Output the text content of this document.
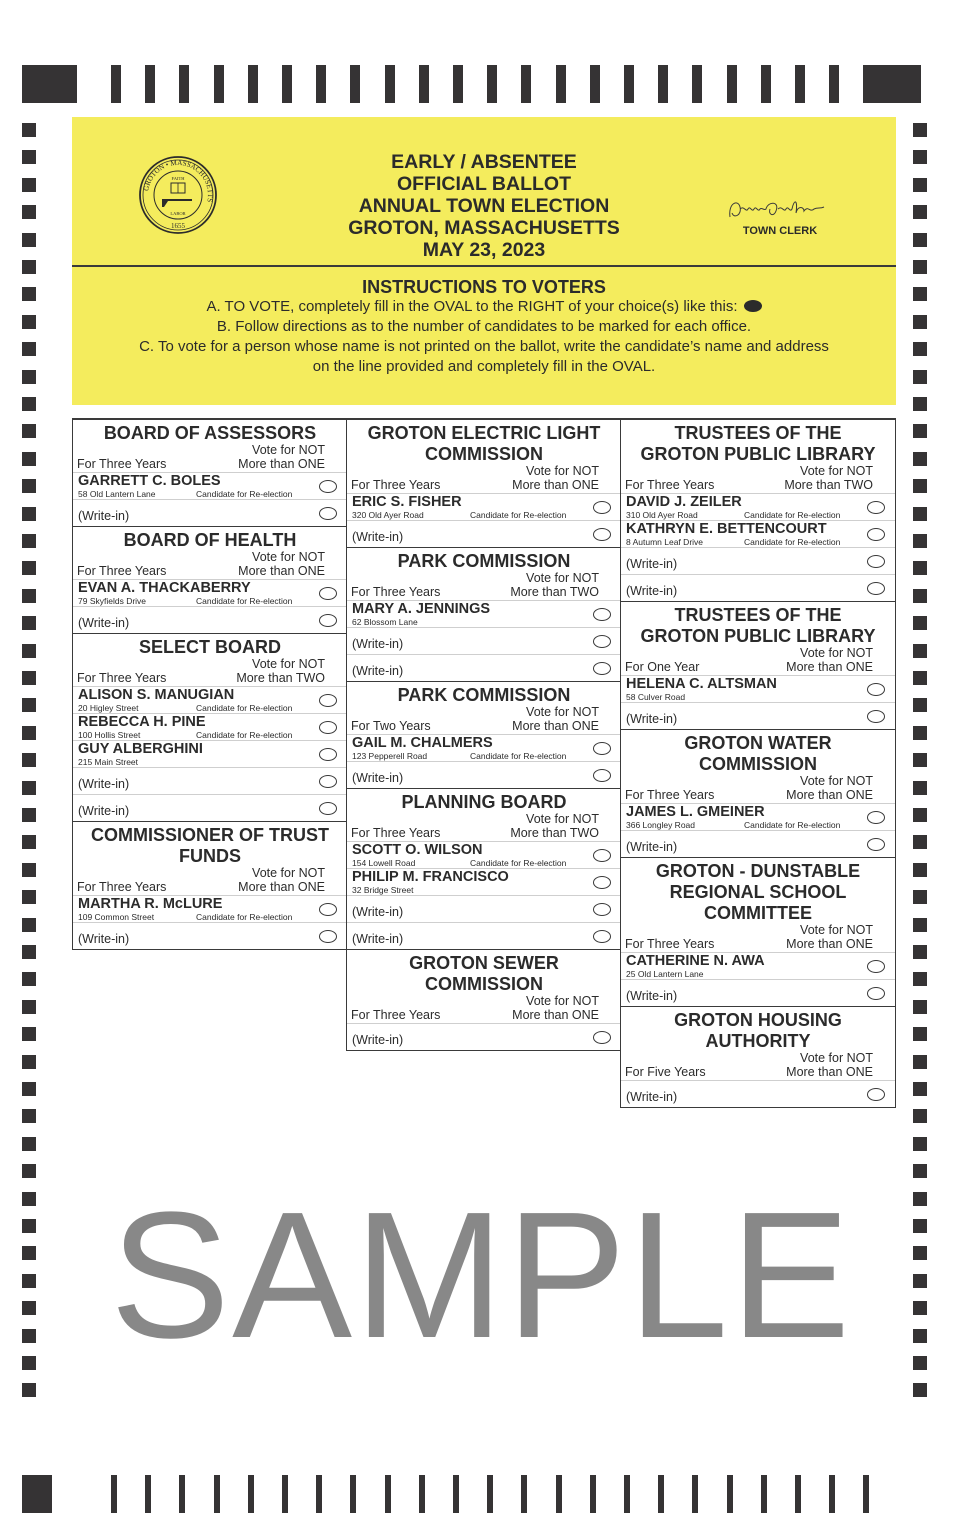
GROTON • MASSACHUSETTS
FAITH
LABOR
1655
EARLY / ABSENTEE
OFFICIAL BALLOT
ANNUAL TOWN ELECTION
GROTON, MASSACHUSETTS
MAY 23, 2023
TOWN CLERK
INSTRUCTIONS TO VOTERS
A. TO VOTE, completely fill in the OVAL to the RIGHT of your choice(s) like this:
B. Follow directions as to the number of candidates to be marked for each office.
C. To vote for a person whose name is not printed on the ballot, write the candidate’s name and address
on the line provided and completely fill in the OVAL.
BOARD OF ASSESSORS
For Three Years
Vote for NOT
More than ONE
GARRETT C. BOLES
58 Old Lantern Lane	Candidate for Re-election
(Write-in)
BOARD OF HEALTH
For Three Years
Vote for NOT
More than ONE
EVAN A. THACKABERRY
79 Skyfields Drive	Candidate for Re-election
(Write-in)
SELECT BOARD
For Three Years
Vote for NOT
More than TWO
ALISON S. MANUGIAN
20 Higley Street	Candidate for Re-election
REBECCA H. PINE
100 Hollis Street	Candidate for Re-election
GUY ALBERGHINI
215 Main Street
(Write-in)
(Write-in)
COMMISSIONER OF TRUST
FUNDS
For Three Years
Vote for NOT
More than ONE
MARTHA R. McLURE
109 Common Street	Candidate for Re-election
(Write-in)
GROTON ELECTRIC LIGHT
COMMISSION
For Three Years
Vote for NOT
More than ONE
ERIC S. FISHER
320 Old Ayer Road	Candidate for Re-election
(Write-in)
PARK COMMISSION
For Three Years
Vote for NOT
More than TWO
MARY A. JENNINGS
62 Blossom Lane
(Write-in)
(Write-in)
PARK COMMISSION
For Two Years
Vote for NOT
More than ONE
GAIL M. CHALMERS
123 Pepperell Road	Candidate for Re-election
(Write-in)
PLANNING BOARD
For Three Years
Vote for NOT
More than TWO
SCOTT O. WILSON
154 Lowell Road	Candidate for Re-election
PHILIP M. FRANCISCO
32 Bridge Street
(Write-in)
(Write-in)
GROTON SEWER
COMMISSION
For Three Years
Vote for NOT
More than ONE
(Write-in)
TRUSTEES OF THE
GROTON PUBLIC LIBRARY
For Three Years
Vote for NOT
More than TWO
DAVID J. ZEILER
310 Old Ayer Road	Candidate for Re-election
KATHRYN E. BETTENCOURT
8 Autumn Leaf Drive	Candidate for Re-election
(Write-in)
(Write-in)
TRUSTEES OF THE
GROTON PUBLIC LIBRARY
For One Year
Vote for NOT
More than ONE
HELENA C. ALTSMAN
58 Culver Road
(Write-in)
GROTON WATER
COMMISSION
For Three Years
Vote for NOT
More than ONE
JAMES L. GMEINER
366 Longley Road	Candidate for Re-election
(Write-in)
GROTON - DUNSTABLE
REGIONAL SCHOOL
COMMITTEE
For Three Years
Vote for NOT
More than ONE
CATHERINE N. AWA
25 Old Lantern Lane
(Write-in)
GROTON HOUSING
AUTHORITY
For Five Years
Vote for NOT
More than ONE
(Write-in)
SAMPLE
